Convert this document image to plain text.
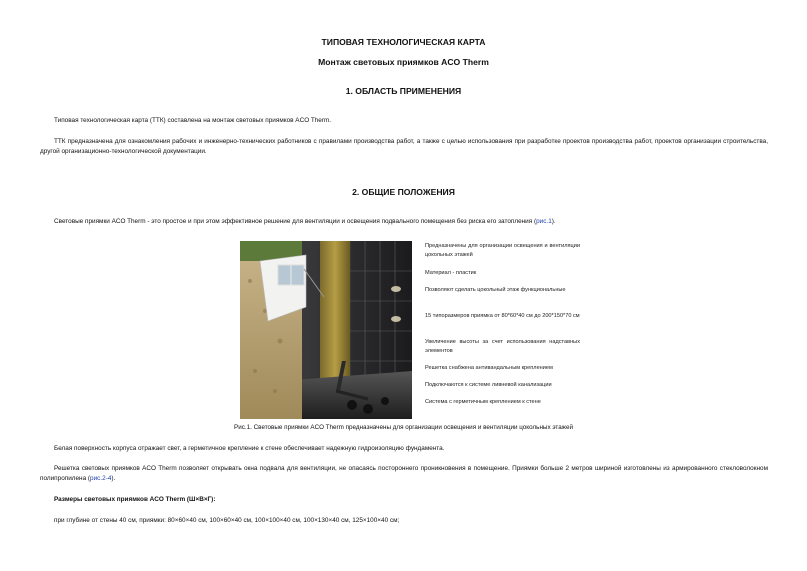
ТИПОВАЯ ТЕХНОЛОГИЧЕСКАЯ КАРТА
Монтаж световых приямков ACO Therm
1. ОБЛАСТЬ ПРИМЕНЕНИЯ
Типовая технологическая карта (ТТК) составлена на монтаж световых приямков ACO Therm.
ТТК предназначена для ознакомления рабочих и инженерно-технических работников с правилами производства работ, а также с целью использования при разработке проектов производства работ, проектов организации строительства, другой организационно-технологической документации.
2. ОБЩИЕ ПОЛОЖЕНИЯ
Световые приямки ACO Therm - это простое и при этом эффективное решение для вентиляции и освещения подвального помещения без риска его затопления (рис.1).
Предназначены для организации освещения и вентиляции цокольных этажей
Материал - пластик
Позволяют сделать цокольный этаж функциональные
15 типоразмеров приямка от 80*60*40 см до 200*150*70 см
Увеличение высоты за счет использования надставных элементов
Решетка снабжена антивандальным креплением
Подключаются к системе ливневой канализации
Система с герметичным креплением к стене
Рис.1. Световые приямки ACO Therm предназначены для организации освещения и вентиляции цокольных этажей
Белая поверхность корпуса отражает свет, а герметичное крепление к стене обеспечивает надежную гидроизоляцию фундамента.
Решетка световых приямков ACO Therm позволяет открывать окна подвала для вентиляции, не опасаясь постороннего проникновения в помещение. Приямки больше 2 метров шириной изготовлены из армированного стекловолокном полипропилена (рис.2-4).
Размеры световых приямков ACO Therm (Ш×В×Г):
при глубине от стены 40 см, приямки: 80×60×40 см, 100×60×40 см, 100×100×40 см, 100×130×40 см, 125×100×40 см;
